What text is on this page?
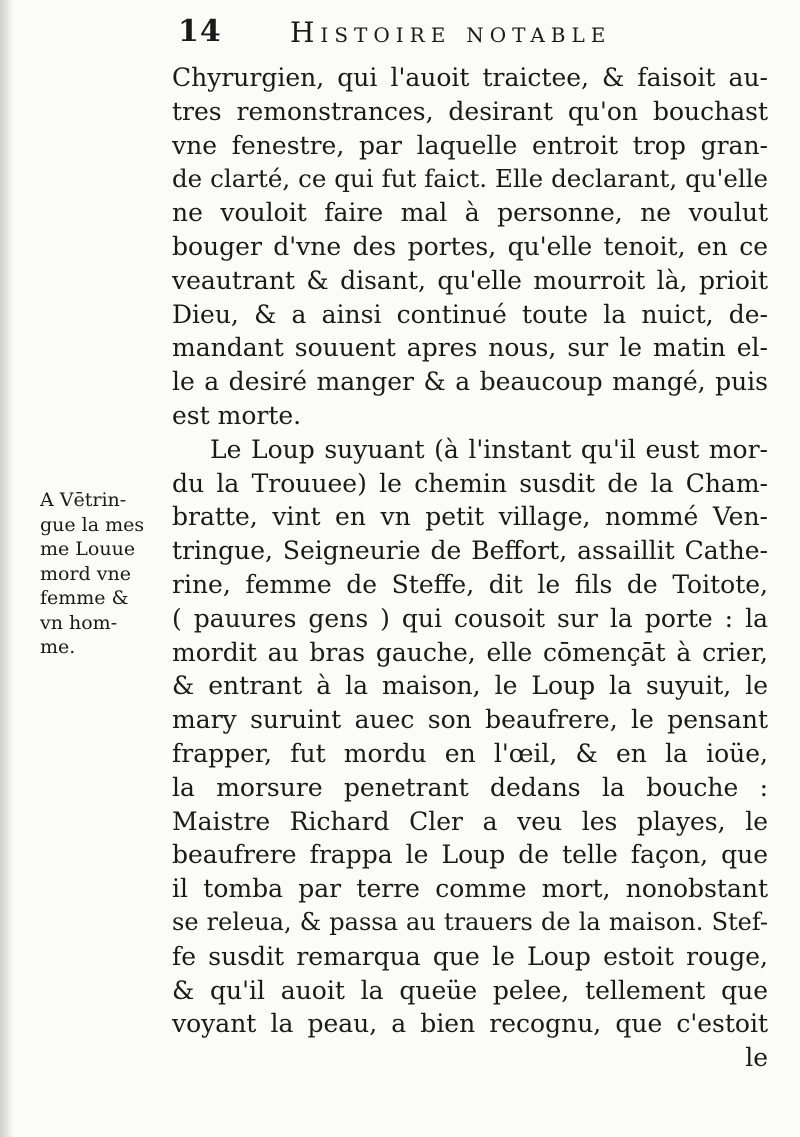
14 Histoire notable
A Vētrin-
gue la mes
me Louue
mord vne
femme &
vn hom-
me.
Chyrurgien, qui l'auoit traictee, & faisoit au-
tres remonstrances, desirant qu'on bouchast
vne fenestre, par laquelle entroit trop gran-
de clarté, ce qui fut faict. Elle declarant, qu'elle
ne vouloit faire mal à personne, ne voulut
bouger d'vne des portes, qu'elle tenoit, en ce
veautrant & disant, qu'elle mourroit là, prioit
Dieu, & a ainsi continué toute la nuict, de-
mandant souuent apres nous, sur le matin el-
le a desiré manger & a beaucoup mangé, puis
est morte.
Le Loup suyuant (à l'instant qu'il eust mor-
du la Trouuee) le chemin susdit de la Cham-
bratte, vint en vn petit village, nommé Ven-
tringue, Seigneurie de Beffort, assaillit Cathe-
rine, femme de Steffe, dit le fils de Toitote,
( pauures gens ) qui cousoit sur la porte : la
mordit au bras gauche, elle cōmençāt à crier,
& entrant à la maison, le Loup la suyuit, le
mary suruint auec son beaufrere, le pensant
frapper, fut mordu en l'œil, & en la ioüe,
la morsure penetrant dedans la bouche :
Maistre Richard Cler a veu les playes, le
beaufrere frappa le Loup de telle façon, que
il tomba par terre comme mort, nonobstant
se releua, & passa au trauers de la maison. Stef-
fe susdit remarqua que le Loup estoit rouge,
& qu'il auoit la queüe pelee, tellement que
voyant la peau, a bien recognu, que c'estoit
le
